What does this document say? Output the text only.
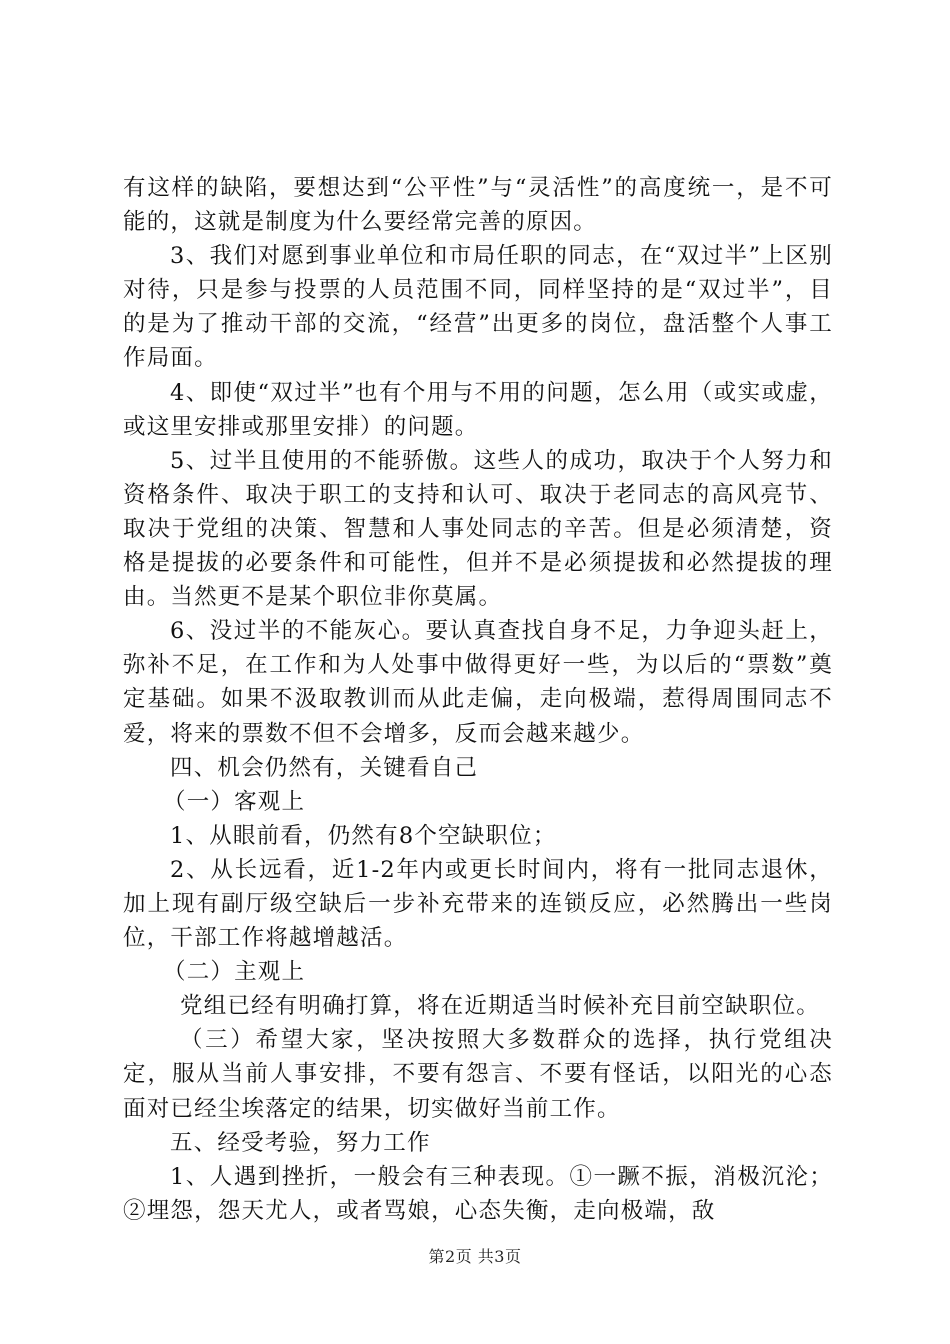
有这样的缺陷，要想达到“公平性”与“灵活性”的高度统一，是不可能的，这就是制度为什么要经常完善的原因。

3、我们对愿到事业单位和市局任职的同志，在“双过半”上区别对待，只是参与投票的人员范围不同，同样坚持的是“双过半”，目的是为了推动干部的交流，“经营”出更多的岗位，盘活整个人事工作局面。

4、即使“双过半”也有个用与不用的问题，怎么用（或实或虚，或这里安排或那里安排）的问题。

5、过半且使用的不能骄傲。这些人的成功，取决于个人努力和资格条件、取决于职工的支持和认可、取决于老同志的高风亮节、取决于党组的决策、智慧和人事处同志的辛苦。但是必须清楚，资格是提拔的必要条件和可能性，但并不是必须提拔和必然提拔的理由。当然更不是某个职位非你莫属。

6、没过半的不能灰心。要认真查找自身不足，力争迎头赶上，弥补不足，在工作和为人处事中做得更好一些，为以后的“票数”奠定基础。如果不汲取教训而从此走偏，走向极端，惹得周围同志不爱，将来的票数不但不会增多，反而会越来越少。

四、机会仍然有，关键看自己

（一）客观上

1、从眼前看，仍然有8个空缺职位；

2、从长远看，近1-2年内或更长时间内，将有一批同志退休，加上现有副厅级空缺后一步补充带来的连锁反应，必然腾出一些岗位，干部工作将越增越活。

（二）主观上

党组已经有明确打算，将在近期适当时候补充目前空缺职位。

（三）希望大家，坚决按照大多数群众的选择，执行党组决定，服从当前人事安排，不要有怨言、不要有怪话，以阳光的心态面对已经尘埃落定的结果，切实做好当前工作。

五、经受考验，努力工作

1、人遇到挫折，一般会有三种表现。①一蹶不振，消极沉沦；②埋怨，怨天尤人，或者骂娘，心态失衡，走向极端，敌

第2页 共3页
